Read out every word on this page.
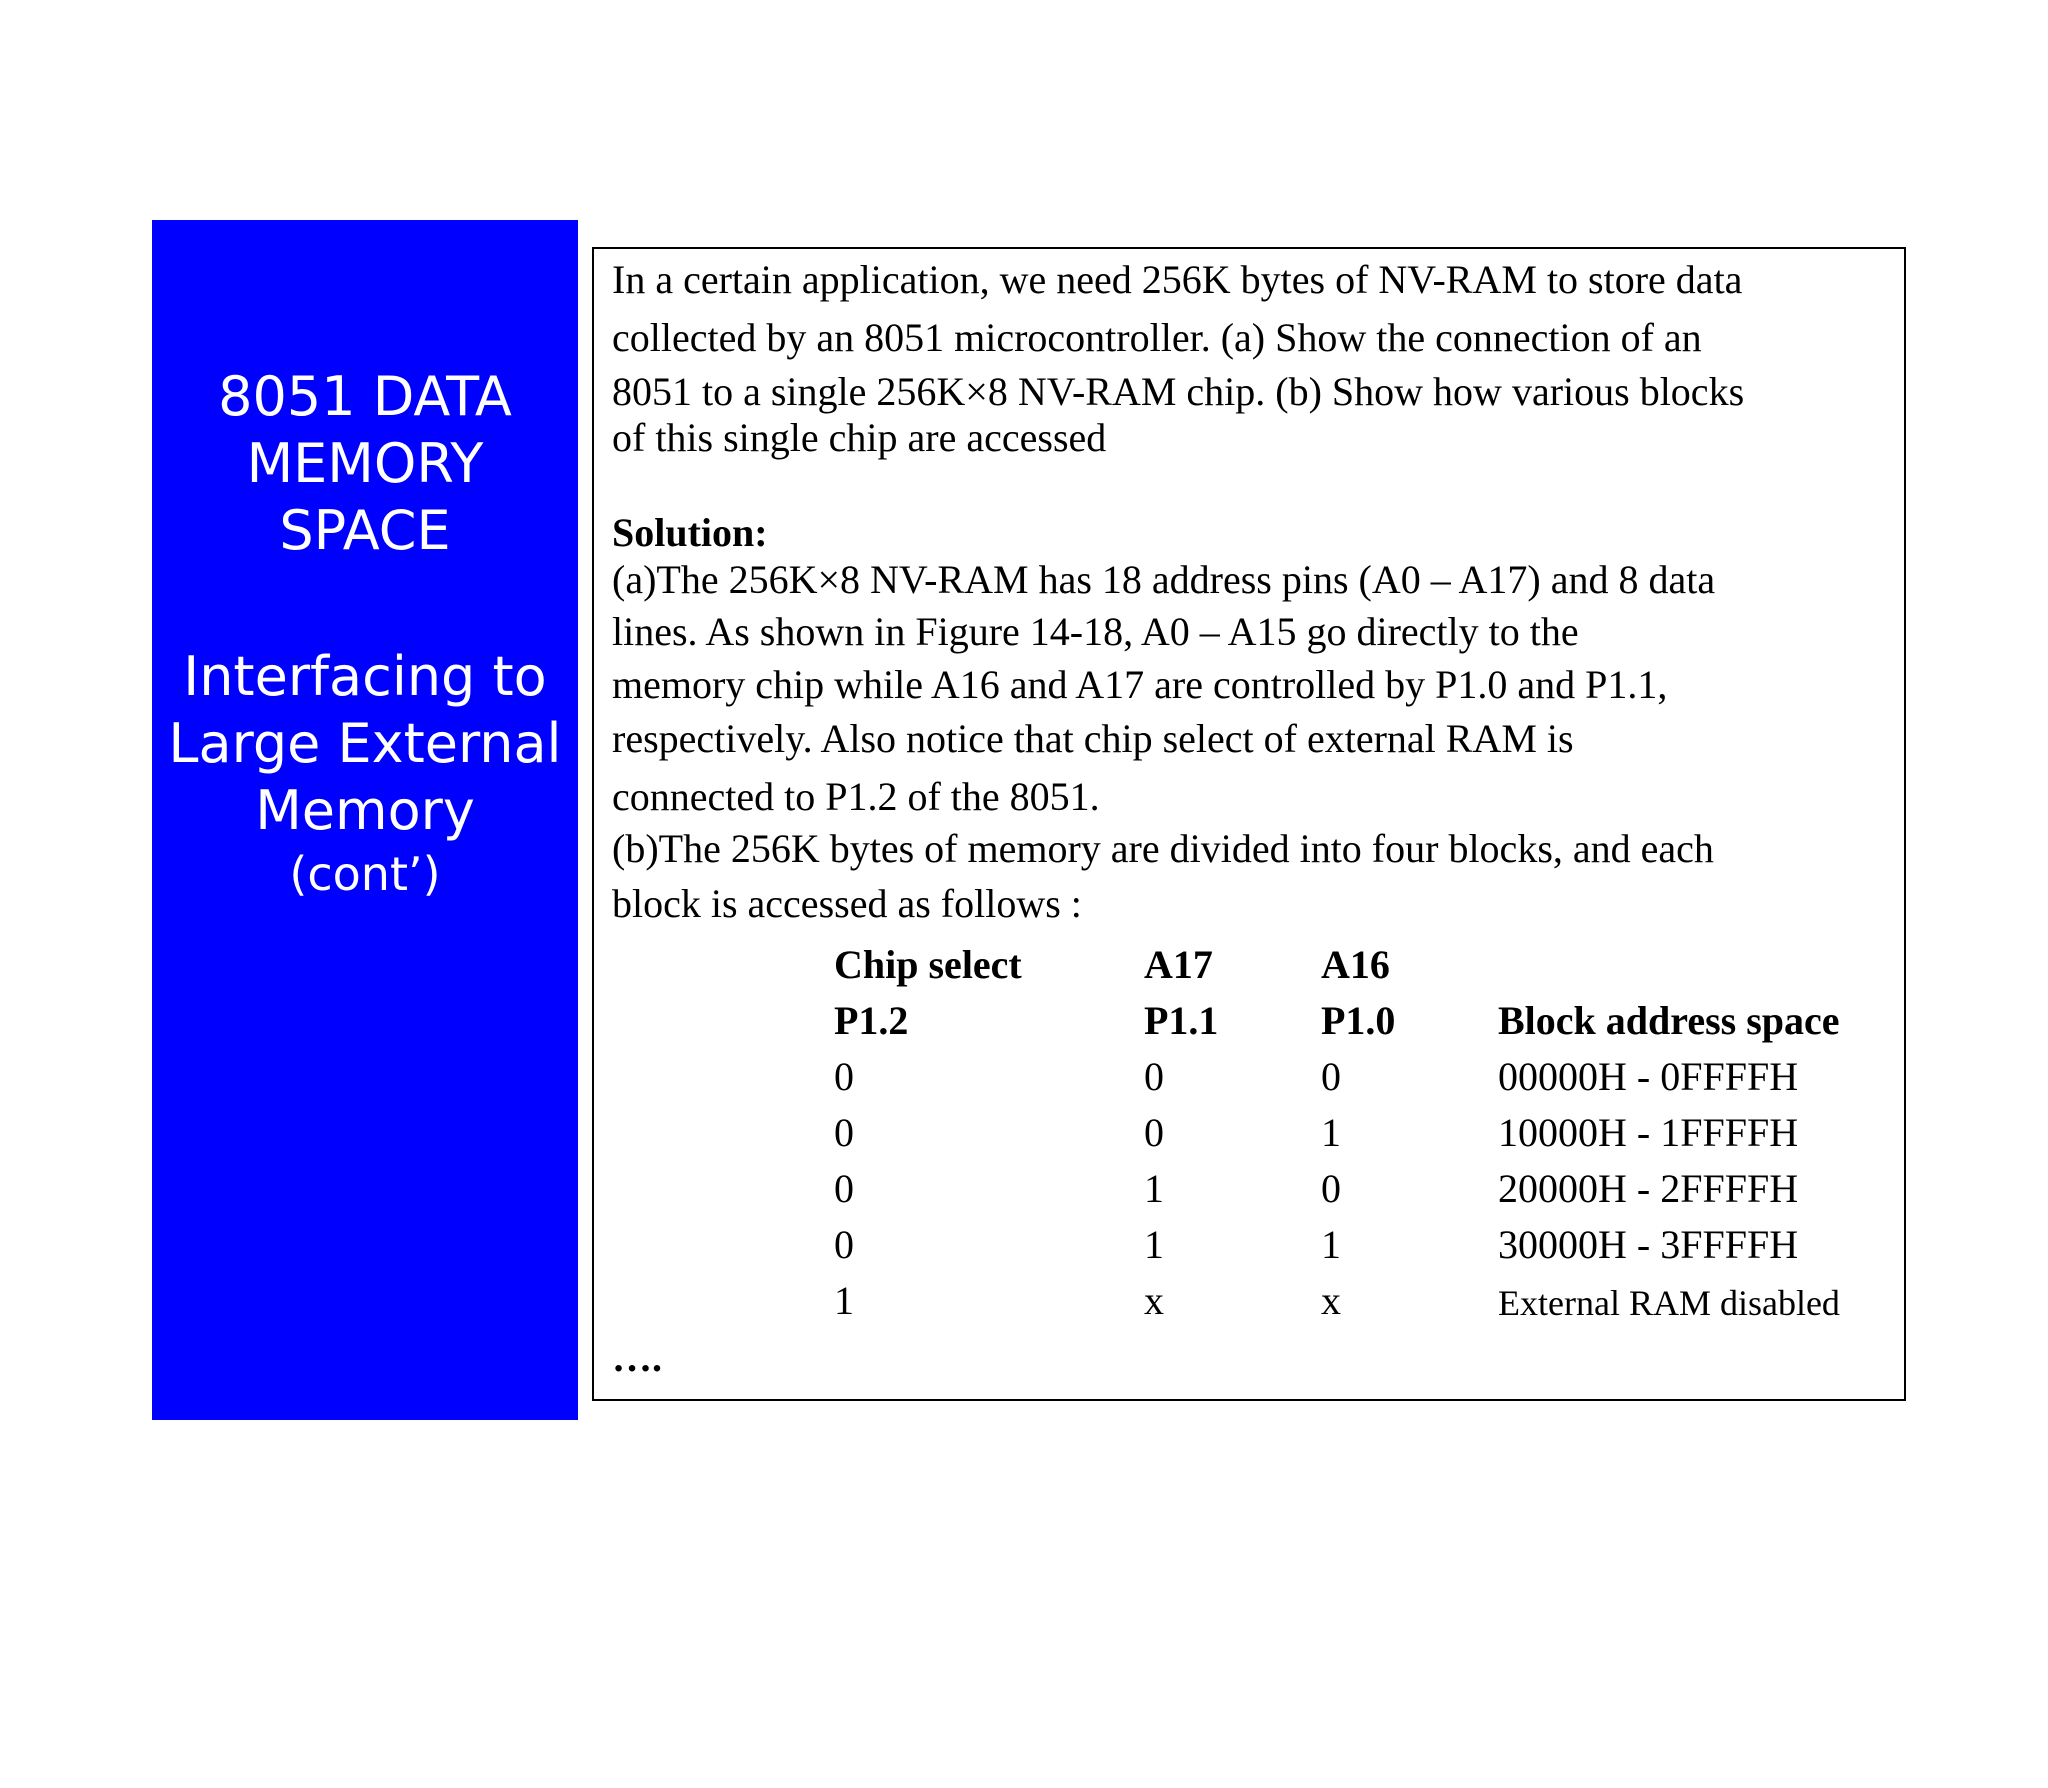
8051 DATA
MEMORY
SPACE
Interfacing to
Large External
Memory
(cont’)
In a certain application, we need 256K bytes of NV-RAM to store data
collected by an 8051 microcontroller. (a) Show the connection of an
8051 to a single 256K×8 NV-RAM chip. (b) Show how various blocks
of this single chip are accessed
Solution:
(a)The 256K×8 NV-RAM has 18 address pins (A0 – A17) and 8 data
lines. As shown in Figure 14-18, A0 – A15 go directly to the
memory chip while A16 and A17 are controlled by P1.0 and P1.1,
respectively. Also notice that chip select of external RAM is
connected to P1.2 of the 8051.
(b)The 256K bytes of memory are divided into four blocks, and each
block is accessed as follows :
Chip select	A17	A16
P1.2	P1.1	P1.0	Block address space
0	0	0	00000H - 0FFFFH
0	0	1	10000H - 1FFFFH
0	1	0	20000H - 2FFFFH
0	1	1	30000H - 3FFFFH
1	x	x	External RAM disabled
….
